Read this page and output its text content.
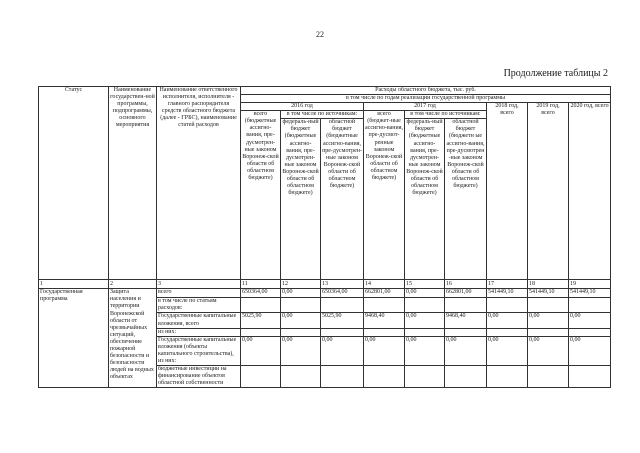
22
Продолжение таблицы 2
Статус	Наименование государствен-ной программы, подпрограммы, основного мероприятия	Наименование ответственного исполнителя, исполнителя - главного распорядителя средств областного бюджета (далее - ГРБС), наименование статей расходов	Расходы областного бюджета, тыс. руб.								
			в том числе по годам реализации государственной программы								
			2016 год			2017 год			2018 год, всего	2019 год, всего	2020 год, всего
			всего (бюджетные ассигно-вания, пре-дусмотрен-ные законом Воронеж-ской области об областном бюджете)	в том числе по источникам:		всего (бюджет-ные ассигно-вания, пре-дусмот-ренные законом Воронеж-ской области об областном бюджете)	в том числе по источникам:				
				федераль-ный бюджет (бюджетные ассигно-вания, пре-дусмотрен-ные законом Воронеж-ской области об областном бюджете)	областной бюджет (бюджетные ассигно-вания, пре-дусмотрен-ные законом Воронеж-ской области об областном бюджете)		федераль-ный бюджет (бюджетные ассигно-вания, пре-дусмотрен-ные законом Воронеж-ской области об областном бюджете)	областной бюджет (бюджетн ые ассигно-вания, пре-дусмотрен -ные законом Воронеж-ской области об областном бюджете)			
1	2	3	11	12	13	14	15	16	17	18	19
Государственная программа	Защита населения и территории Воронежской области от чрезвычайных ситуаций, обеспечение пожарной безопасности и безопасности людей на водных объектах	всего	650364,00	0,00	650364,00	662801,00	0,00	662801,00	541449,10	541449,10	541449,10
		в том числе по статьям расходов:									
		Государственные капитальные вложения, всего	5025,90	0,00	5025,90	9468,40	0,00	9468,40	0,00	0,00	0,00
		из них:									
		Государственные капитальные вложения (объекты капитального строительства), из них:	0,00	0,00	0,00	0,00	0,00	0,00	0,00	0,00	0,00
		бюджетные инвестиции на финансирование объектов областной собственности									
